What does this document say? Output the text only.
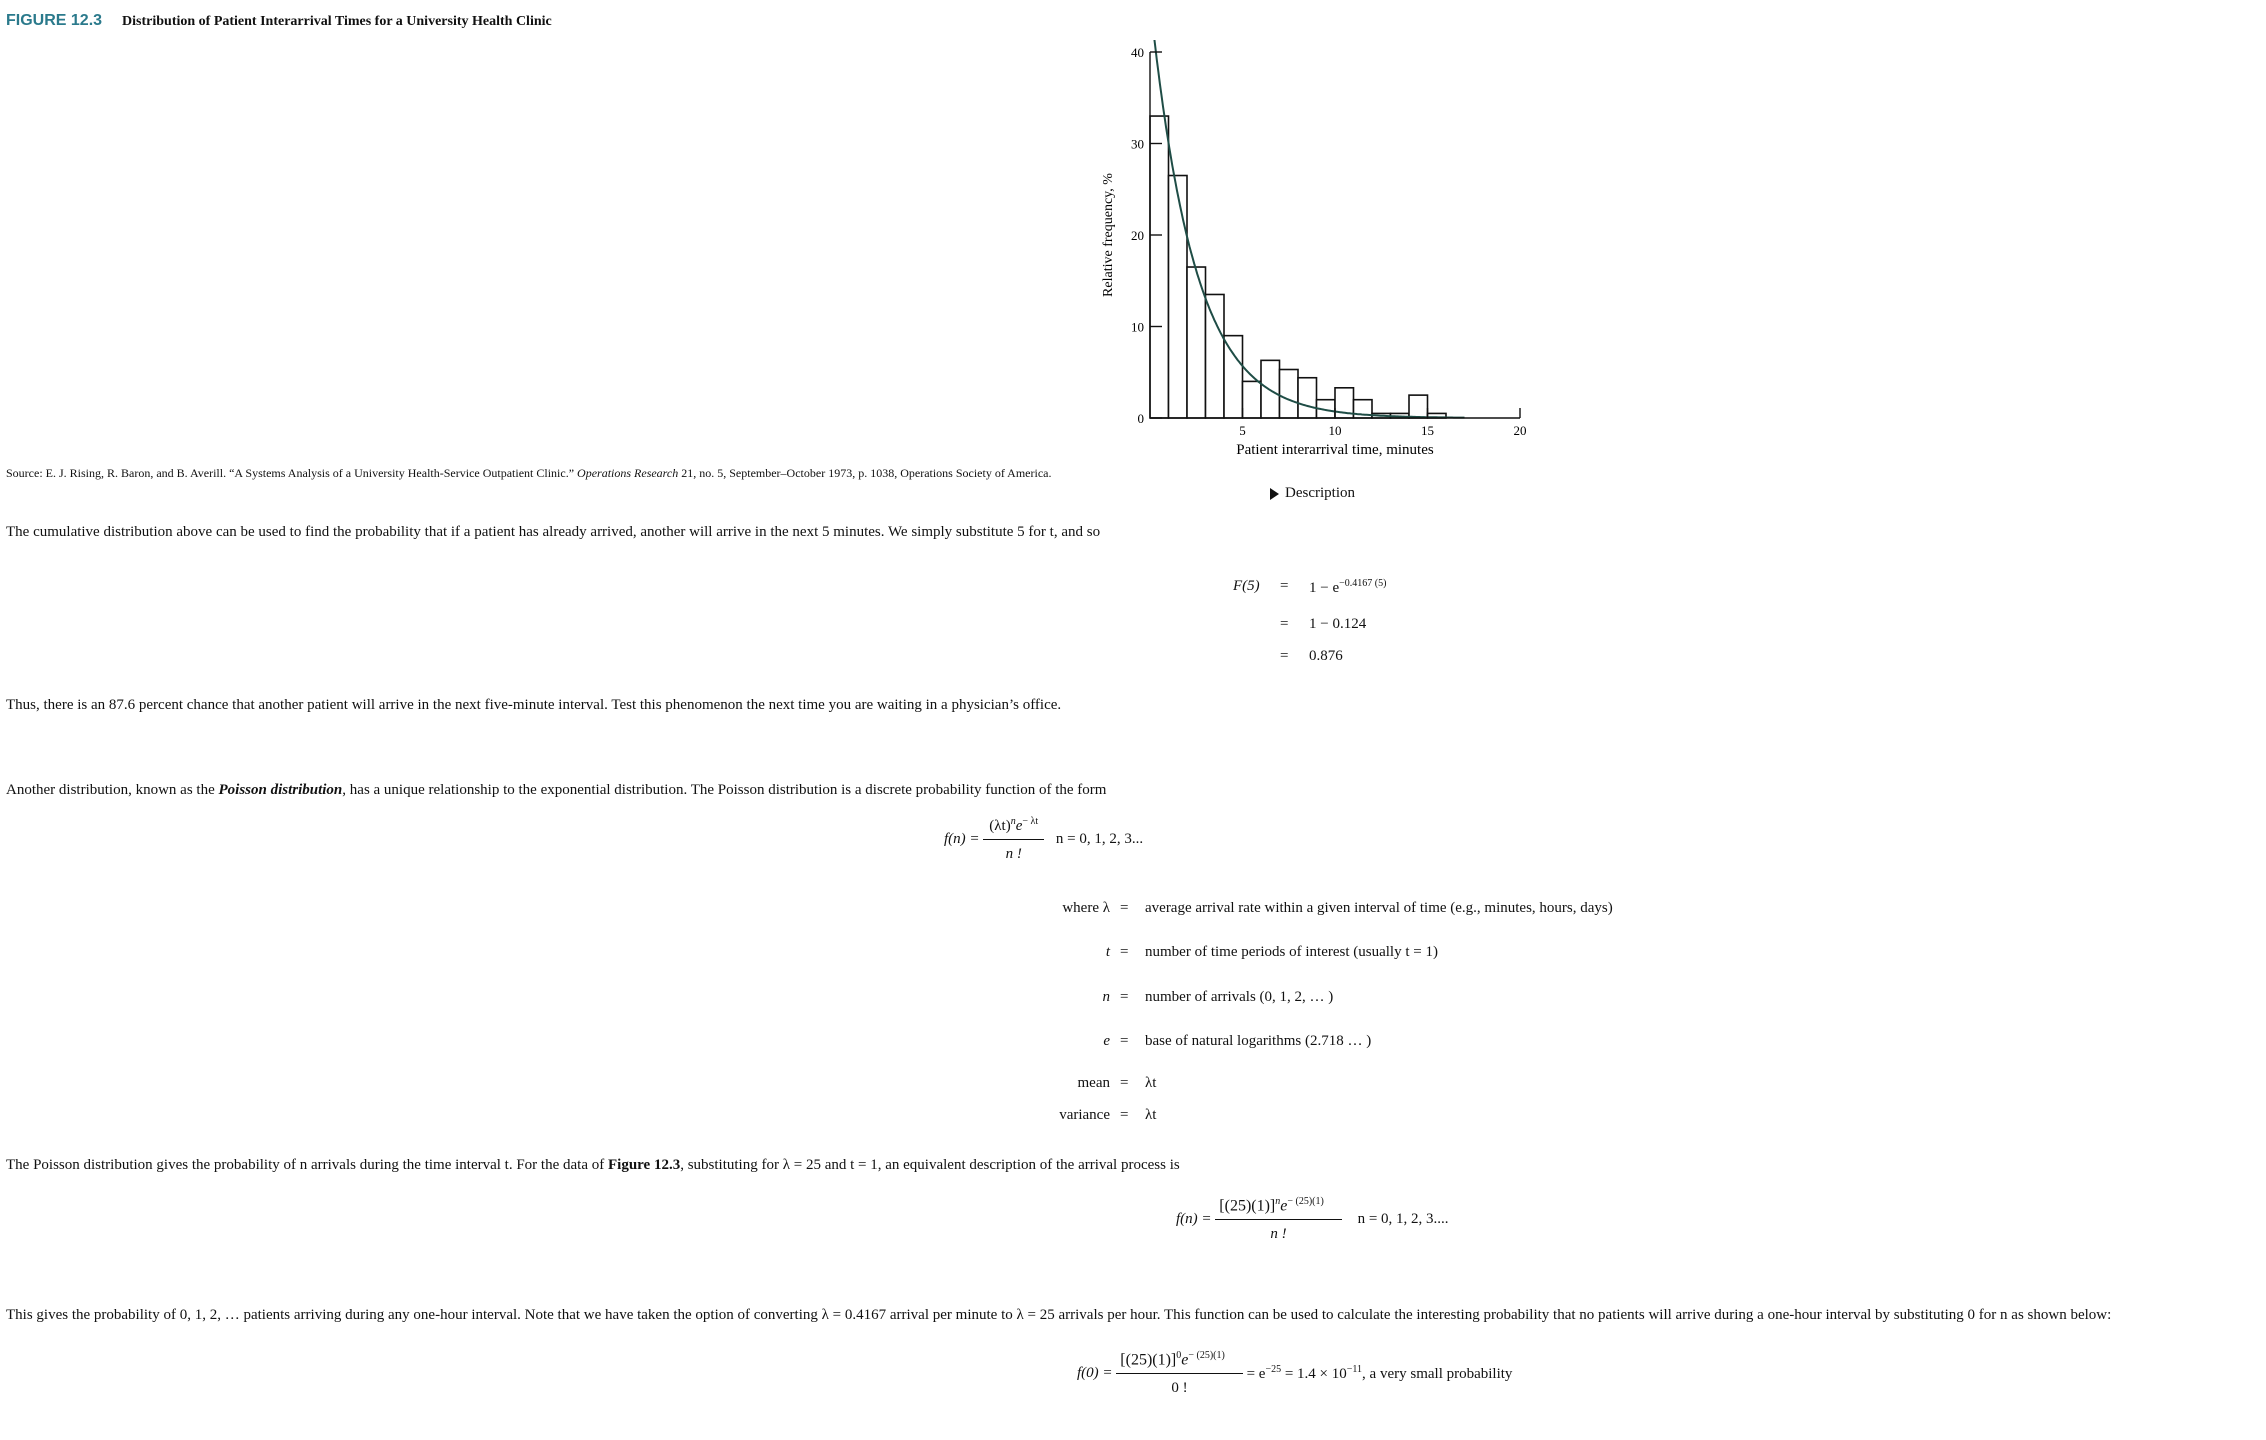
FIGURE 12.3 Distribution of Patient Interarrival Times for a University Health Clinic
0
10
20
30
40
5	10	15	20
Relative frequency, %
Patient interarrival time, minutes
Source: E. J. Rising, R. Baron, and B. Averill. “A Systems Analysis of a University Health-Service Outpatient Clinic.” Operations Research 21, no. 5, September–October 1973, p. 1038, Operations Society of America.
Description
The cumulative distribution above can be used to find the probability that if a patient has already arrived, another will arrive in the next 5 minutes. We simply substitute 5 for t, and so
$F(5) = 1 - e^{-0.4167 (5)}$
= 1 − 0.124
= 0.876
Thus, there is an 87.6 percent chance that another patient will arrive in the next five-minute interval. Test this phenomenon the next time you are waiting in a physician’s office.
Another distribution, known as the Poisson distribution, has a unique relationship to the exponential distribution. The Poisson distribution is a discrete probability function of the form
$f(n) = \frac{(\lambda t)^ne^{- \lambda t}}{n !}$ n = 0, 1, 2, 3...
where λ = average arrival rate within a given interval of time (e.g., minutes, hours, days)
t = number of time periods of interest (usually t = 1)
n = number of arrivals (0, 1, 2, … )
e = base of natural logarithms (2.718 … )
mean = λt
variance = λt
The Poisson distribution gives the probability of n arrivals during the time interval t. For the data of Figure 12.3, substituting for λ = 25 and t = 1, an equivalent description of the arrival process is
$f(n) = \frac{[(25)(1)]^ne^{- (25)(1)}}{n !}$ n = 0, 1, 2, 3....
This gives the probability of 0, 1, 2, … patients arriving during any one-hour interval. Note that we have taken the option of converting λ = 0.4167 arrival per minute to λ = 25 arrivals per hour. This function can be used to calculate the interesting probability that no patients will arrive during a one-hour interval by substituting 0 for n as shown below:
$f(0) = \frac{[(25)(1)]^0e^{- (25)(1)}}{0 !} = e^{-25} = 1.4 \times 10^{-11}$, a very small probability
